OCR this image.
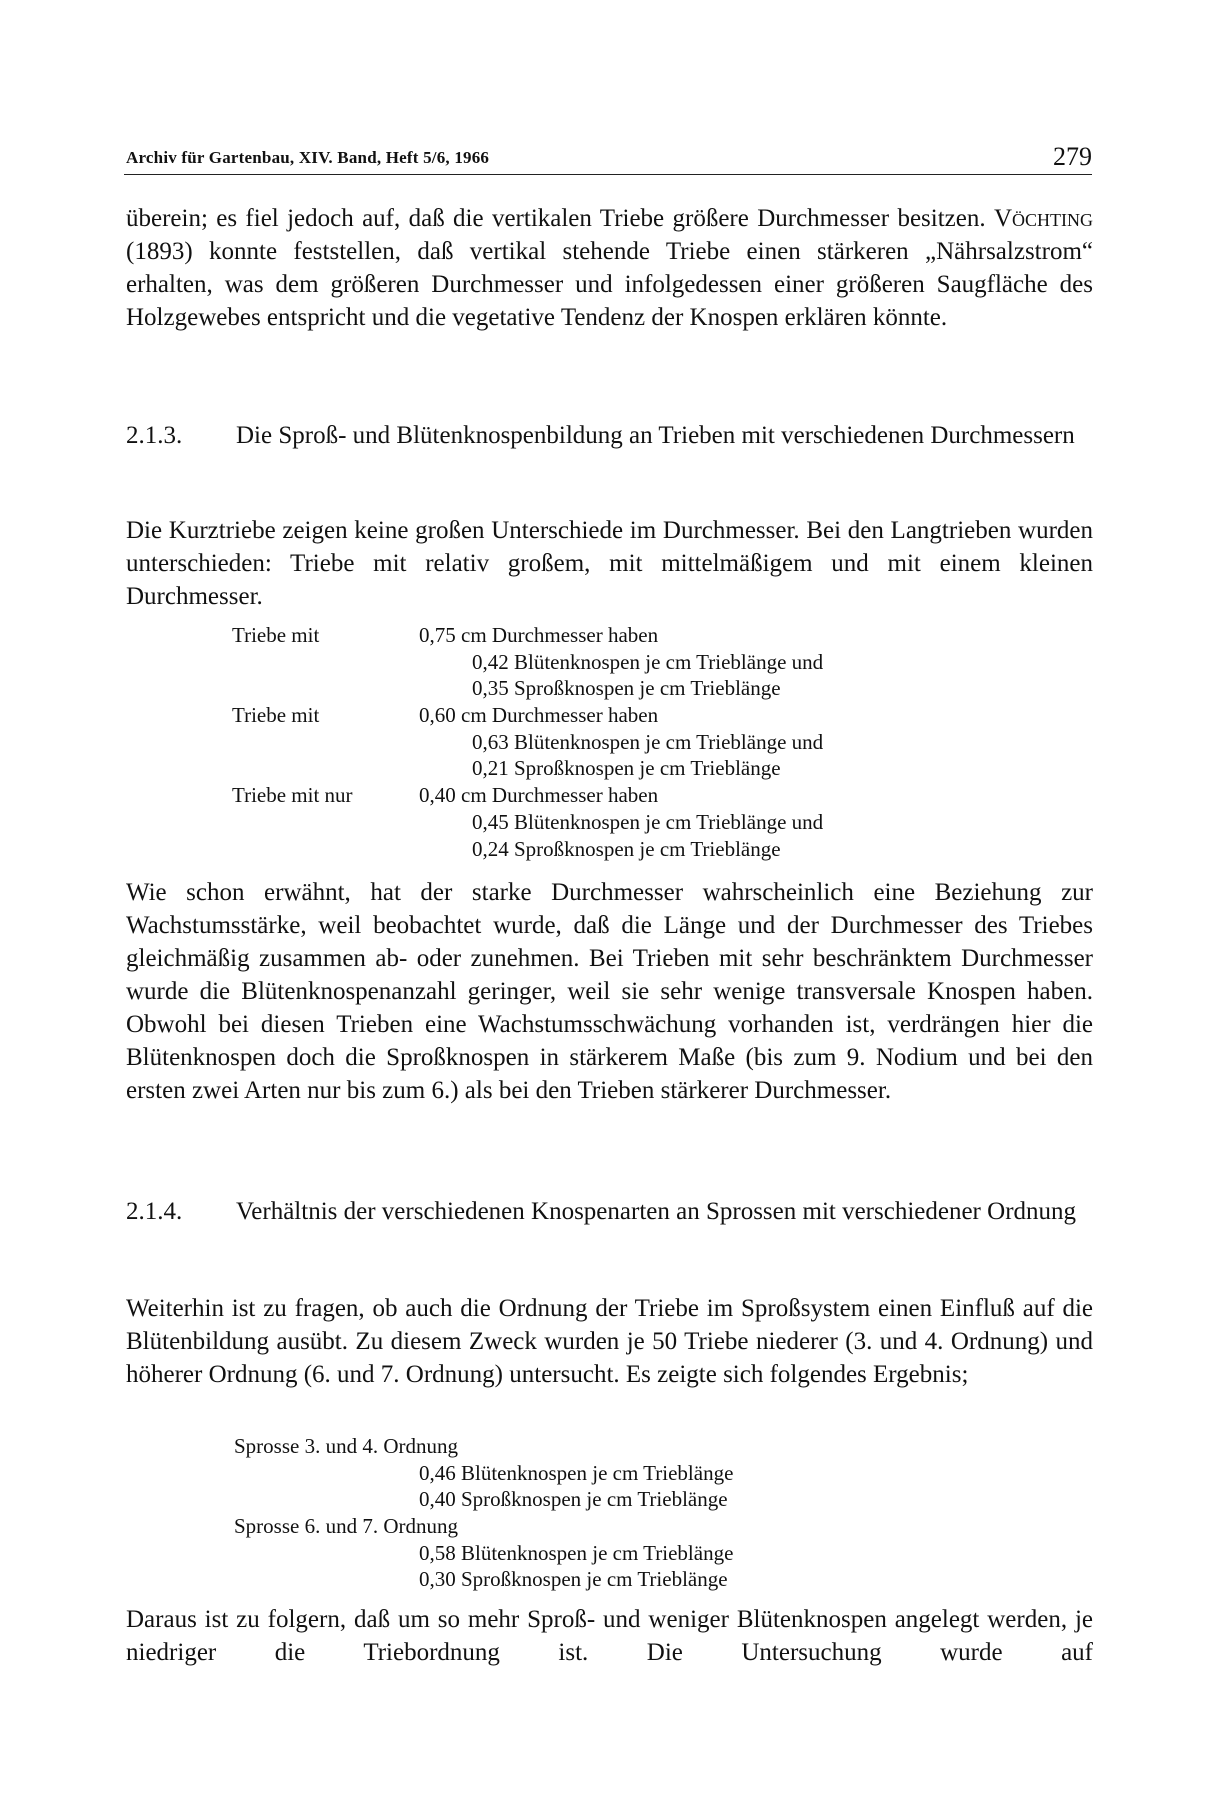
Archiv für Gartenbau, XIV. Band, Heft 5/6, 1966	279

überein; es fiel jedoch auf, daß die vertikalen Triebe größere Durchmesser besitzen. Vöchting (1893) konnte feststellen, daß vertikal stehende Triebe einen stärkeren „Nährsalzstrom“ erhalten, was dem größeren Durchmesser und infolgedessen einer größeren Saugfläche des Holzgewebes entspricht und die vegetative Tendenz der Knospen erklären könnte.

2.1.3. Die Sproß- und Blütenknospenbildung an Trieben mit verschiedenen Durchmessern

Die Kurztriebe zeigen keine großen Unterschiede im Durchmesser. Bei den Langtrieben wurden unterschieden: Triebe mit relativ großem, mit mittelmäßigem und mit einem kleinen Durchmesser.

Triebe mit	0,75 cm Durchmesser haben
0,42 Blütenknospen je cm Trieblänge und
0,35 Sproßknospen je cm Trieblänge
Triebe mit	0,60 cm Durchmesser haben
0,63 Blütenknospen je cm Trieblänge und
0,21 Sproßknospen je cm Trieblänge
Triebe mit nur	0,40 cm Durchmesser haben
0,45 Blütenknospen je cm Trieblänge und
0,24 Sproßknospen je cm Trieblänge

Wie schon erwähnt, hat der starke Durchmesser wahrscheinlich eine Beziehung zur Wachstumsstärke, weil beobachtet wurde, daß die Länge und der Durchmesser des Triebes gleichmäßig zusammen ab- oder zunehmen. Bei Trieben mit sehr beschränktem Durchmesser wurde die Blütenknospenanzahl geringer, weil sie sehr wenige transversale Knospen haben. Obwohl bei diesen Trieben eine Wachstumsschwächung vorhanden ist, verdrängen hier die Blütenknospen doch die Sproßknospen in stärkerem Maße (bis zum 9. Nodium und bei den ersten zwei Arten nur bis zum 6.) als bei den Trieben stärkerer Durchmesser.

2.1.4. Verhältnis der verschiedenen Knospenarten an Sprossen mit verschiedener Ordnung

Weiterhin ist zu fragen, ob auch die Ordnung der Triebe im Sproßsystem einen Einfluß auf die Blütenbildung ausübt. Zu diesem Zweck wurden je 50 Triebe niederer (3. und 4. Ordnung) und höherer Ordnung (6. und 7. Ordnung) untersucht. Es zeigte sich folgendes Ergebnis;

Sprosse 3. und 4. Ordnung
0,46 Blütenknospen je cm Trieblänge
0,40 Sproßknospen je cm Trieblänge
Sprosse 6. und 7. Ordnung
0,58 Blütenknospen je cm Trieblänge
0,30 Sproßknospen je cm Trieblänge

Daraus ist zu folgern, daß um so mehr Sproß- und weniger Blütenknospen angelegt werden, je niedriger die Triebordnung ist. Die Untersuchung wurde auf
